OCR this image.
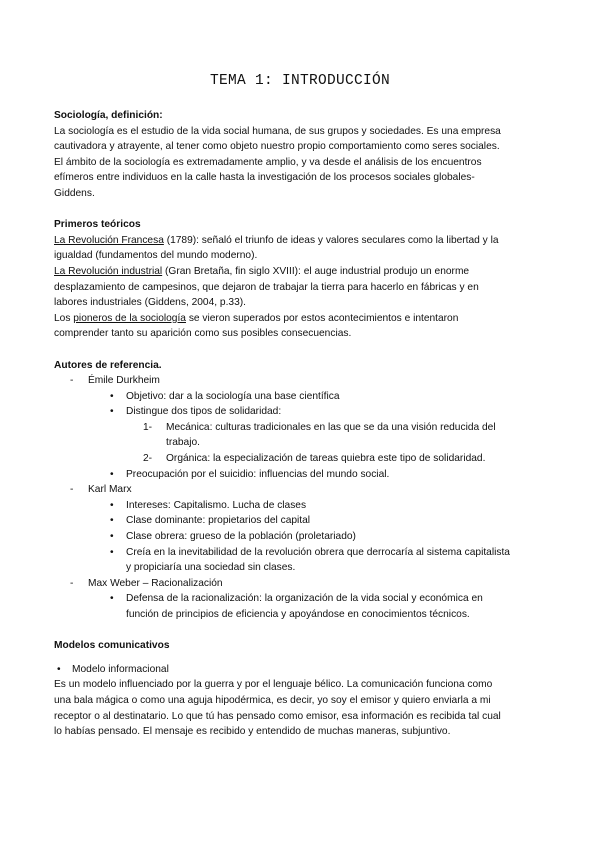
TEMA 1: INTRODUCCIÓN

Sociología, definición:

La sociología es el estudio de la vida social humana, de sus grupos y sociedades. Es una empresa

cautivadora y atrayente, al tener como objeto nuestro propio comportamiento como seres sociales.

El ámbito de la sociología es extremadamente amplio, y va desde el análisis de los encuentros

efímeros entre individuos en la calle hasta la investigación de los procesos sociales globales-

Giddens.

Primeros teóricos

La Revolución Francesa (1789): señaló el triunfo de ideas y valores seculares como la libertad y la

igualdad (fundamentos del mundo moderno).

La Revolución industrial (Gran Bretaña, fin siglo XVIII): el auge industrial produjo un enorme

desplazamiento de campesinos, que dejaron de trabajar la tierra para hacerlo en fábricas y en

labores industriales (Giddens, 2004, p.33).

Los pioneros de la sociología se vieron superados por estos acontecimientos e intentaron

comprender tanto su aparición como sus posibles consecuencias.

Autores de referencia.

- Émile Durkheim

• Objetivo: dar a la sociología una base científica

• Distingue dos tipos de solidaridad:

1- Mecánica: culturas tradicionales en las que se da una visión reducida del

trabajo.

2- Orgánica: la especialización de tareas quiebra este tipo de solidaridad.

• Preocupación por el suicidio: influencias del mundo social.

- Karl Marx

• Intereses: Capitalismo. Lucha de clases

• Clase dominante: propietarios del capital

• Clase obrera: grueso de la población (proletariado)

• Creía en la inevitabilidad de la revolución obrera que derrocaría al sistema capitalista

y propiciaría una sociedad sin clases.

- Max Weber – Racionalización

• Defensa de la racionalización: la organización de la vida social y económica en

función de principios de eficiencia y apoyándose en conocimientos técnicos.

Modelos comunicativos

• Modelo informacional

Es un modelo influenciado por la guerra y por el lenguaje bélico. La comunicación funciona como

una bala mágica o como una aguja hipodérmica, es decir, yo soy el emisor y quiero enviarla a mi

receptor o al destinatario. Lo que tú has pensado como emisor, esa información es recibida tal cual

lo habías pensado. El mensaje es recibido y entendido de muchas maneras, subjuntivo.
